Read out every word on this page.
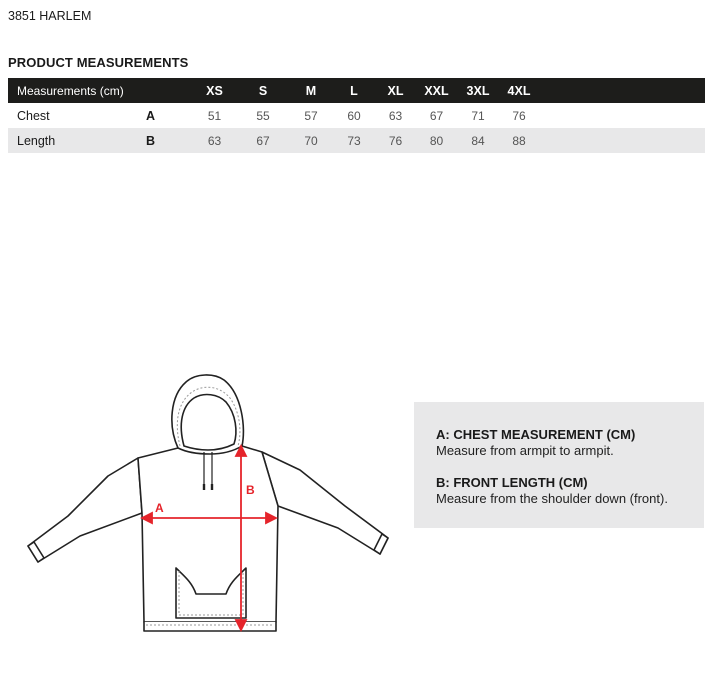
3851 HARLEM
PRODUCT MEASUREMENTS
Measurements (cm)		XS	S	M	L	XL	XXL	3XL	4XL	
Chest	A	51	55	57	60	63	67	71	76	
Length	B	63	67	70	73	76	80	84	88	
A
B

A: CHEST MEASUREMENT (CM)

Measure from armpit to armpit.

B: FRONT LENGTH (CM)

Measure from the shoulder down (front).
